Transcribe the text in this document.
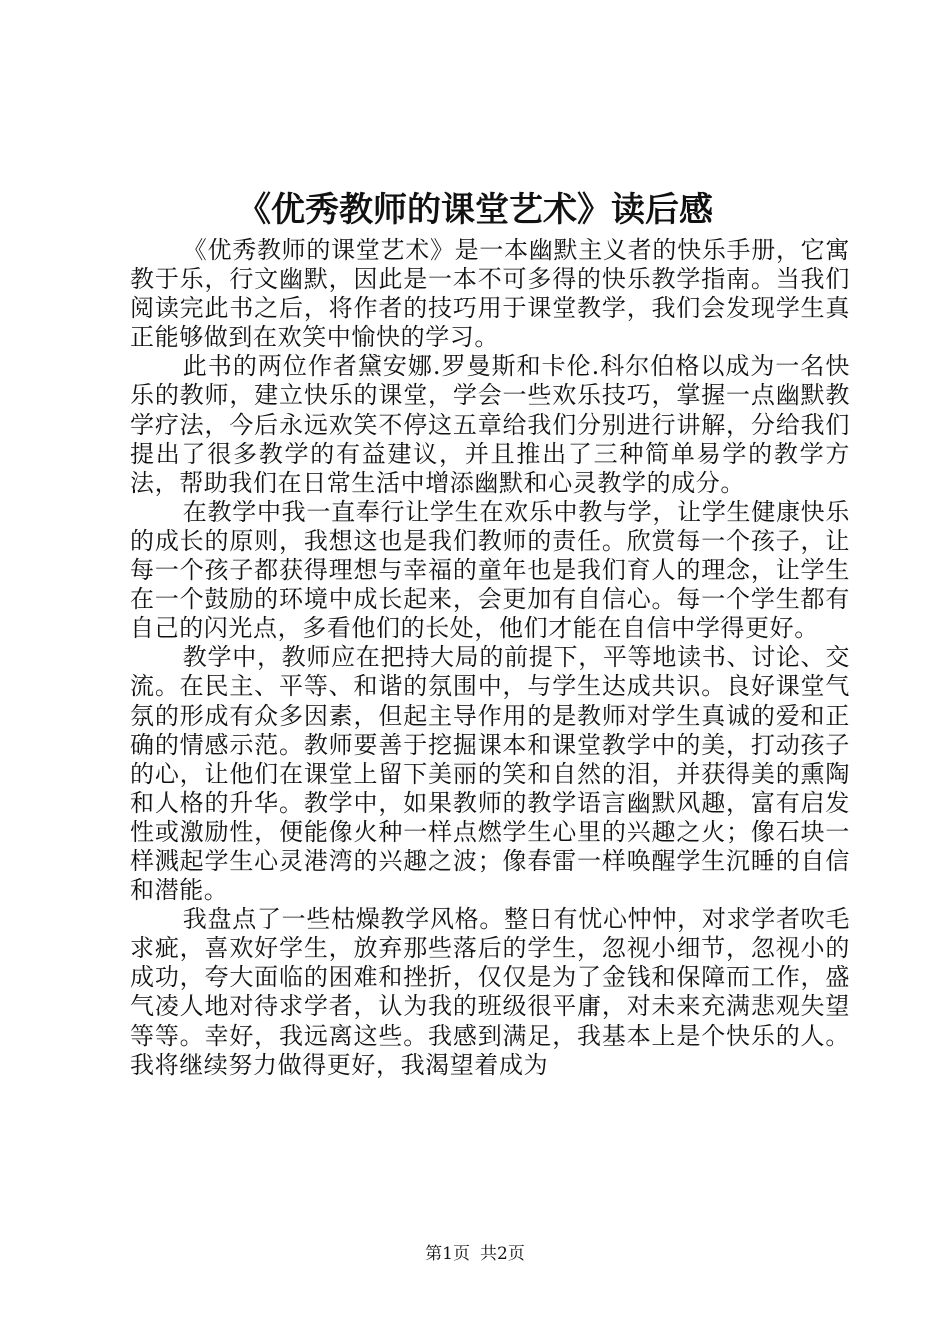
《优秀教师的课堂艺术》读后感

《优秀教师的课堂艺术》是一本幽默主义者的快乐手册，它寓教于乐，行文幽默，因此是一本不可多得的快乐教学指南。当我们阅读完此书之后，将作者的技巧用于课堂教学，我们会发现学生真正能够做到在欢笑中愉快的学习。

此书的两位作者黛安娜.罗曼斯和卡伦.科尔伯格以成为一名快乐的教师，建立快乐的课堂，学会一些欢乐技巧，掌握一点幽默教学疗法，今后永远欢笑不停这五章给我们分别进行讲解，分给我们提出了很多教学的有益建议，并且推出了三种简单易学的教学方法，帮助我们在日常生活中增添幽默和心灵教学的成分。

在教学中我一直奉行让学生在欢乐中教与学，让学生健康快乐的成长的原则，我想这也是我们教师的责任。欣赏每一个孩子，让每一个孩子都获得理想与幸福的童年也是我们育人的理念，让学生在一个鼓励的环境中成长起来，会更加有自信心。每一个学生都有自己的闪光点，多看他们的长处，他们才能在自信中学得更好。

教学中，教师应在把持大局的前提下，平等地读书、讨论、交流。在民主、平等、和谐的氛围中，与学生达成共识。良好课堂气氛的形成有众多因素，但起主导作用的是教师对学生真诚的爱和正确的情感示范。教师要善于挖掘课本和课堂教学中的美，打动孩子的心，让他们在课堂上留下美丽的笑和自然的泪，并获得美的熏陶和人格的升华。教学中，如果教师的教学语言幽默风趣，富有启发性或激励性，便能像火种一样点燃学生心里的兴趣之火；像石块一样溅起学生心灵港湾的兴趣之波；像春雷一样唤醒学生沉睡的自信和潜能。

我盘点了一些枯燥教学风格。整日有忧心忡忡，对求学者吹毛求疵，喜欢好学生，放弃那些落后的学生，忽视小细节，忽视小的成功，夸大面临的困难和挫折，仅仅是为了金钱和保障而工作，盛气凌人地对待求学者，认为我的班级很平庸，对未来充满悲观失望等等。幸好，我远离这些。我感到满足，我基本上是个快乐的人。我将继续努力做得更好，我渴望着成为

第1页 共2页
